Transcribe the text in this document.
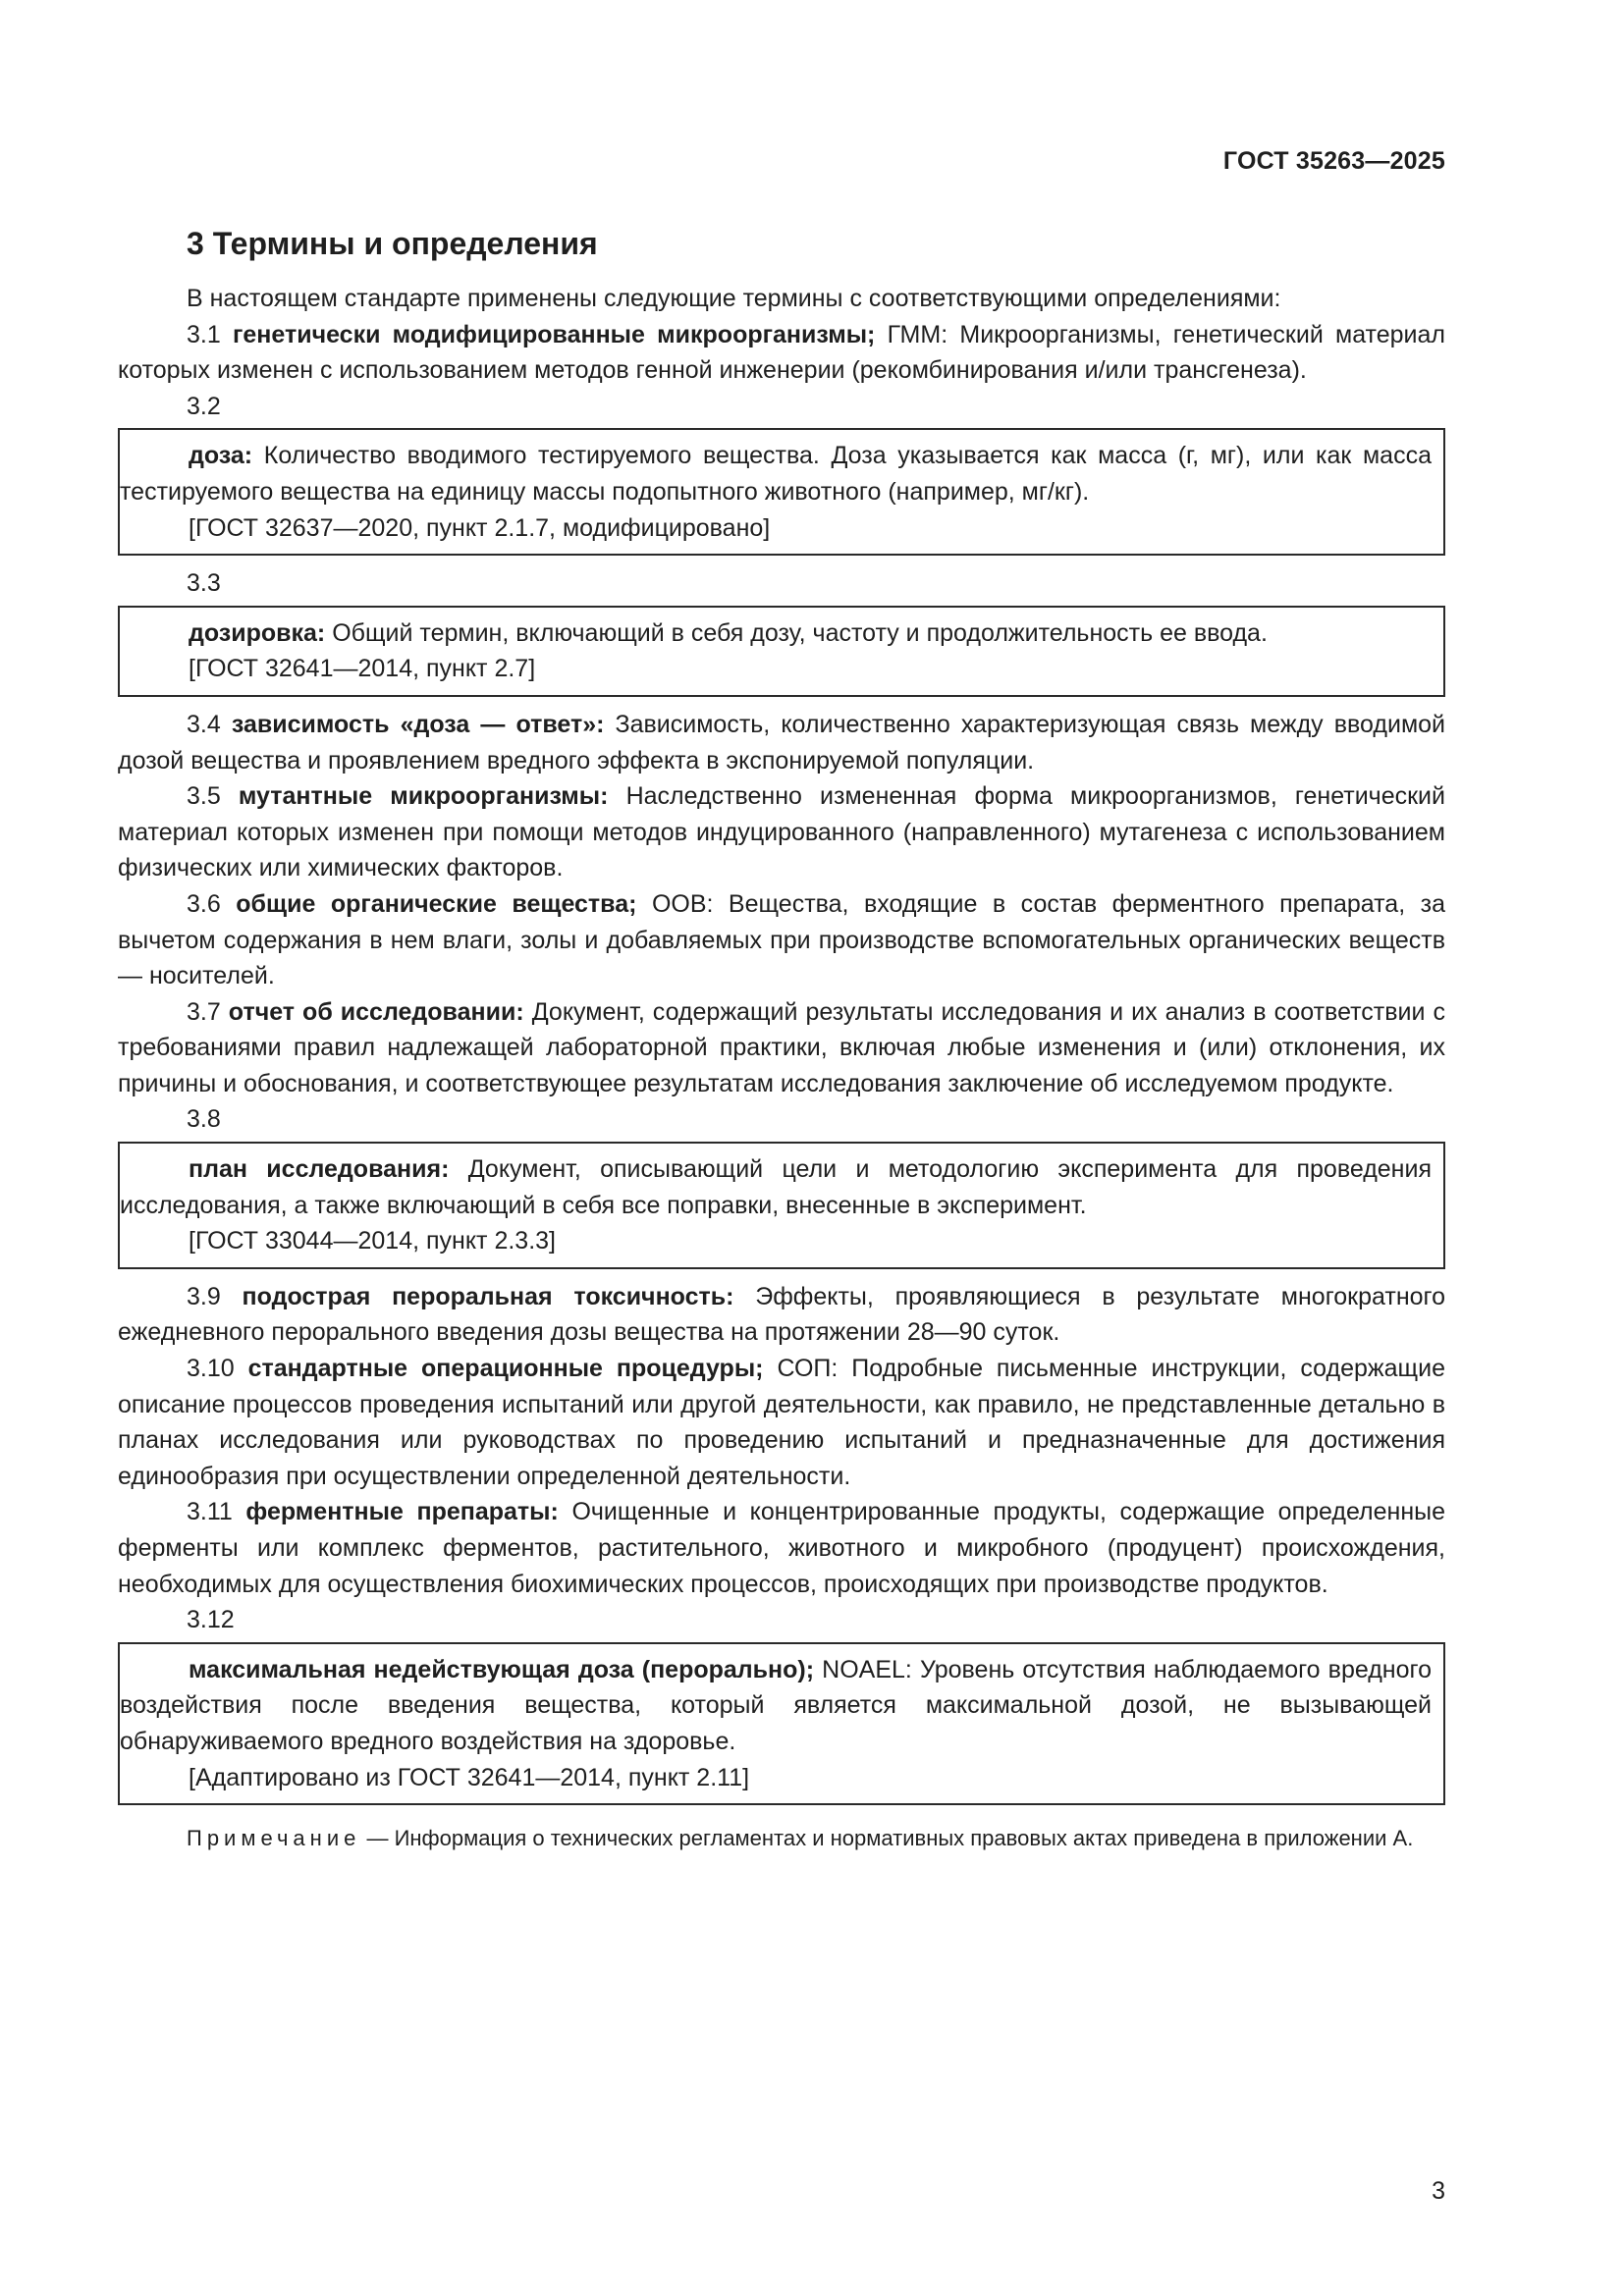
ГОСТ 35263—2025
3 Термины и определения

В настоящем стандарте применены следующие термины с соответствующими определениями:

3.1 генетически модифицированные микроорганизмы; ГММ: Микроорганизмы, генетический материал которых изменен с использованием методов генной инженерии (рекомбинирования и/или трансгенеза).

3.2

доза: Количество вводимого тестируемого вещества. Доза указывается как масса (г, мг), или как масса тестируемого вещества на единицу массы подопытного животного (например, мг/кг).

[ГОСТ 32637—2020, пункт 2.1.7, модифицировано]

3.3

дозировка: Общий термин, включающий в себя дозу, частоту и продолжительность ее ввода.

[ГОСТ 32641—2014, пункт 2.7]

3.4 зависимость «доза — ответ»: Зависимость, количественно характеризующая связь между вводимой дозой вещества и проявлением вредного эффекта в экспонируемой популяции.

3.5 мутантные микроорганизмы: Наследственно измененная форма микроорганизмов, генетический материал которых изменен при помощи методов индуцированного (направленного) мутагенеза с использованием физических или химических факторов.

3.6 общие органические вещества; ООВ: Вещества, входящие в состав ферментного препарата, за вычетом содержания в нем влаги, золы и добавляемых при производстве вспомогательных органических веществ — носителей.

3.7 отчет об исследовании: Документ, содержащий результаты исследования и их анализ в соответствии с требованиями правил надлежащей лабораторной практики, включая любые изменения и (или) отклонения, их причины и обоснования, и соответствующее результатам исследования заключение об исследуемом продукте.

3.8

план исследования: Документ, описывающий цели и методологию эксперимента для проведения исследования, а также включающий в себя все поправки, внесенные в эксперимент.

[ГОСТ 33044—2014, пункт 2.3.3]

3.9 подострая пероральная токсичность: Эффекты, проявляющиеся в результате многократного ежедневного перорального введения дозы вещества на протяжении 28—90 суток.

3.10 стандартные операционные процедуры; СОП: Подробные письменные инструкции, содержащие описание процессов проведения испытаний или другой деятельности, как правило, не представленные детально в планах исследования или руководствах по проведению испытаний и предназначенные для достижения единообразия при осуществлении определенной деятельности.

3.11 ферментные препараты: Очищенные и концентрированные продукты, содержащие определенные ферменты или комплекс ферментов, растительного, животного и микробного (продуцент) происхождения, необходимых для осуществления биохимических процессов, происходящих при производстве продуктов.

3.12

максимальная недействующая доза (перорально); NOAEL: Уровень отсутствия наблюдаемого вредного воздействия после введения вещества, который является максимальной дозой, не вызывающей обнаруживаемого вредного воздействия на здоровье.

[Адаптировано из ГОСТ 32641—2014, пункт 2.11]

Примечание — Информация о технических регламентах и нормативных правовых актах приведена в приложении А.

3
